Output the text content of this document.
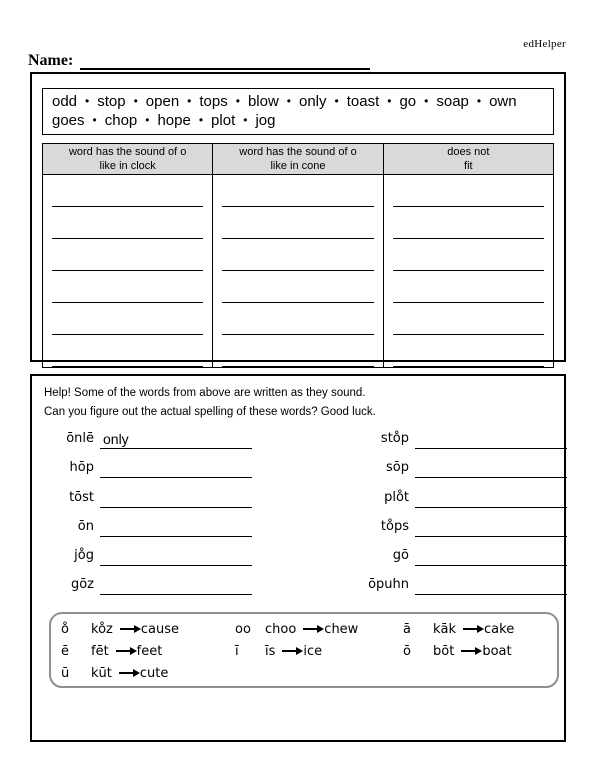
edHelper
Name:
odd • stop • open • tops • blow • only • toast • go • soap • own
goes • chop • hope • plot • jog
word has the sound of o
like in clock

word has the sound of o
like in cone

does not
fit

Help! Some of the words from above are written as they sound.
Can you figure out the actual spelling of these words? Good luck.
ōnlē only
hōp
tōst
ōn
jo̊g
gōz
sto̊p
sōp
plo̊t
to̊ps
gō
ōpuhn
o̊	ko̊z cause
ē	fēt feet
ū	kūt cute
oo	choo chew
ī	īs ice
ā	kāk cake
ō	bōt boat
